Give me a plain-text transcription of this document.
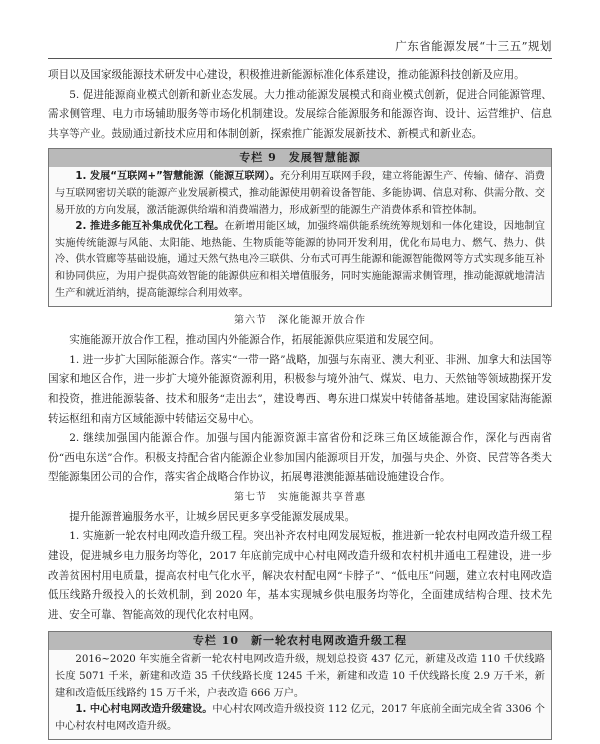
广东省能源发展“十三五”规划

项目以及国家级能源技术研发中心建设，积极推进新能源标准化体系建设，推动能源科技创新及应用。

5. 促进能源商业模式创新和新业态发展。大力推动能源发展模式和商业模式创新，促进合同能源管理、需求侧管理、电力市场辅助服务等市场化机制建设。发展综合能源服务和能源咨询、设计、运营维护、信息共享等产业。鼓励通过新技术应用和体制创新，探索推广能源发展新技术、新模式和新业态。

专栏 9　发展智慧能源

1. 发展“互联网+”智慧能源（能源互联网）。充分利用互联网手段，建立将能源生产、传输、储存、消费与互联网密切关联的能源产业发展新模式，推动能源使用朝着设备智能、多能协调、信息对称、供需分散、交易开放的方向发展，激活能源供给端和消费端潜力，形成新型的能源生产消费体系和管控体制。

2. 推进多能互补集成优化工程。在新增用能区域，加强终端供能系统统筹规划和一体化建设，因地制宜实施传统能源与风能、太阳能、地热能、生物质能等能源的协同开发利用，优化布局电力、燃气、热力、供冷、供水管廊等基础设施，通过天然气热电冷三联供、分布式可再生能源和能源智能微网等方式实现多能互补和协同供应，为用户提供高效智能的能源供应和相关增值服务，同时实施能源需求侧管理，推动能源就地清洁生产和就近消纳，提高能源综合利用效率。

第六节　深化能源开放合作

实施能源开放合作工程，推动国内外能源合作，拓展能源供应渠道和发展空间。

1. 进一步扩大国际能源合作。落实“一带一路”战略，加强与东南亚、澳大利亚、非洲、加拿大和法国等国家和地区合作，进一步扩大境外能源资源利用，积极参与境外油气、煤炭、电力、天然铀等领域勘探开发和投资，推进能源装备、技术和服务“走出去”，建设粤西、粤东进口煤炭中转储备基地。建设国家陆海能源转运枢纽和南方区域能源中转储运交易中心。

2. 继续加强国内能源合作。加强与国内能源资源丰富省份和泛珠三角区域能源合作，深化与西南省份“西电东送”合作。积极支持配合省内能源企业参加国内能源项目开发，加强与央企、外资、民营等各类大型能源集团公司的合作，落实省企战略合作协议，拓展粤港澳能源基础设施建设合作。

第七节　实施能源共享普惠

提升能源普遍服务水平，让城乡居民更多享受能源发展成果。

1. 实施新一轮农村电网改造升级工程。突出补齐农村电网发展短板，推进新一轮农村电网改造升级工程建设，促进城乡电力服务均等化，2017 年底前完成中心村电网改造升级和农村机井通电工程建设，进一步改善贫困村用电质量，提高农村电气化水平，解决农村配电网“卡脖子”、“低电压”问题，建立农村电网改造低压线路升级投入的长效机制，到 2020 年，基本实现城乡供电服务均等化，全面建成结构合理、技术先进、安全可靠、智能高效的现代化农村电网。

专栏 10　新一轮农村电网改造升级工程

2016~2020 年实施全省新一轮农村电网改造升级，规划总投资 437 亿元，新建及改造 110 千伏线路长度 5071 千米，新建和改造 35 千伏线路长度 1245 千米，新建和改造 10 千伏线路长度 2.9 万千米，新建和改造低压线路约 15 万千米，户表改造 666 万户。

1. 中心村电网改造升级建设。中心村农网改造升级投资 112 亿元，2017 年底前全面完成全省 3306 个中心村农村电网改造升级。
